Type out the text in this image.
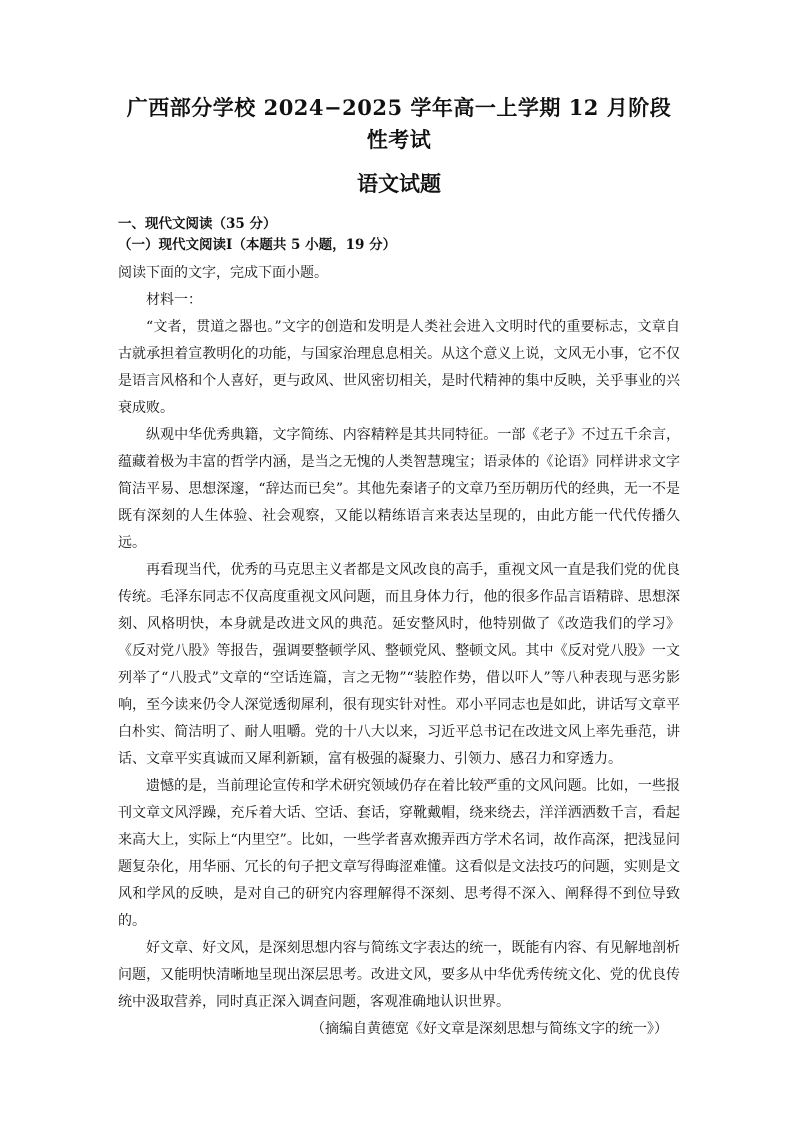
广西部分学校 2024−2025 学年高一上学期 12 月阶段性考试
语文试题

一、现代文阅读（35 分）

（一）现代文阅读Ⅰ（本题共 5 小题，19 分）

阅读下面的文字，完成下面小题。

材料一：

“文者，贯道之器也。”文字的创造和发明是人类社会进入文明时代的重要标志，文章自古就承担着宣教明化的功能，与国家治理息息相关。从这个意义上说，文风无小事，它不仅是语言风格和个人喜好，更与政风、世风密切相关，是时代精神的集中反映，关乎事业的兴衰成败。

纵观中华优秀典籍，文字简练、内容精粹是其共同特征。一部《老子》不过五千余言，蕴藏着极为丰富的哲学内涵，是当之无愧的人类智慧瑰宝；语录体的《论语》同样讲求文字简洁平易、思想深邃，“辞达而已矣”。其他先秦诸子的文章乃至历朝历代的经典，无一不是既有深刻的人生体验、社会观察，又能以精练语言来表达呈现的，由此方能一代代传播久远。

再看现当代，优秀的马克思主义者都是文风改良的高手，重视文风一直是我们党的优良传统。毛泽东同志不仅高度重视文风问题，而且身体力行，他的很多作品言语精辟、思想深刻、风格明快，本身就是改进文风的典范。延安整风时，他特别做了《改造我们的学习》《反对党八股》等报告，强调要整顿学风、整顿党风、整顿文风。其中《反对党八股》一文列举了“八股式”文章的“空话连篇，言之无物”“装腔作势，借以吓人”等八种表现与恶劣影响，至今读来仍令人深觉透彻犀利，很有现实针对性。邓小平同志也是如此，讲话写文章平白朴实、简洁明了、耐人咀嚼。党的十八大以来，习近平总书记在改进文风上率先垂范，讲话、文章平实真诚而又犀利新颖，富有极强的凝聚力、引领力、感召力和穿透力。

遗憾的是，当前理论宣传和学术研究领域仍存在着比较严重的文风问题。比如，一些报刊文章文风浮躁，充斥着大话、空话、套话，穿靴戴帽，绕来绕去，洋洋洒洒数千言，看起来高大上，实际上“内里空”。比如，一些学者喜欢搬弄西方学术名词，故作高深，把浅显问题复杂化，用华丽、冗长的句子把文章写得晦涩难懂。这看似是文法技巧的问题，实则是文风和学风的反映，是对自己的研究内容理解得不深刻、思考得不深入、阐释得不到位导致的。

好文章、好文风，是深刻思想内容与简练文字表达的统一，既能有内容、有见解地剖析问题，又能明快清晰地呈现出深层思考。改进文风，要多从中华优秀传统文化、党的优良传统中汲取营养，同时真正深入调查问题，客观准确地认识世界。

（摘编自黄德宽《好文章是深刻思想与简练文字的统一》）
